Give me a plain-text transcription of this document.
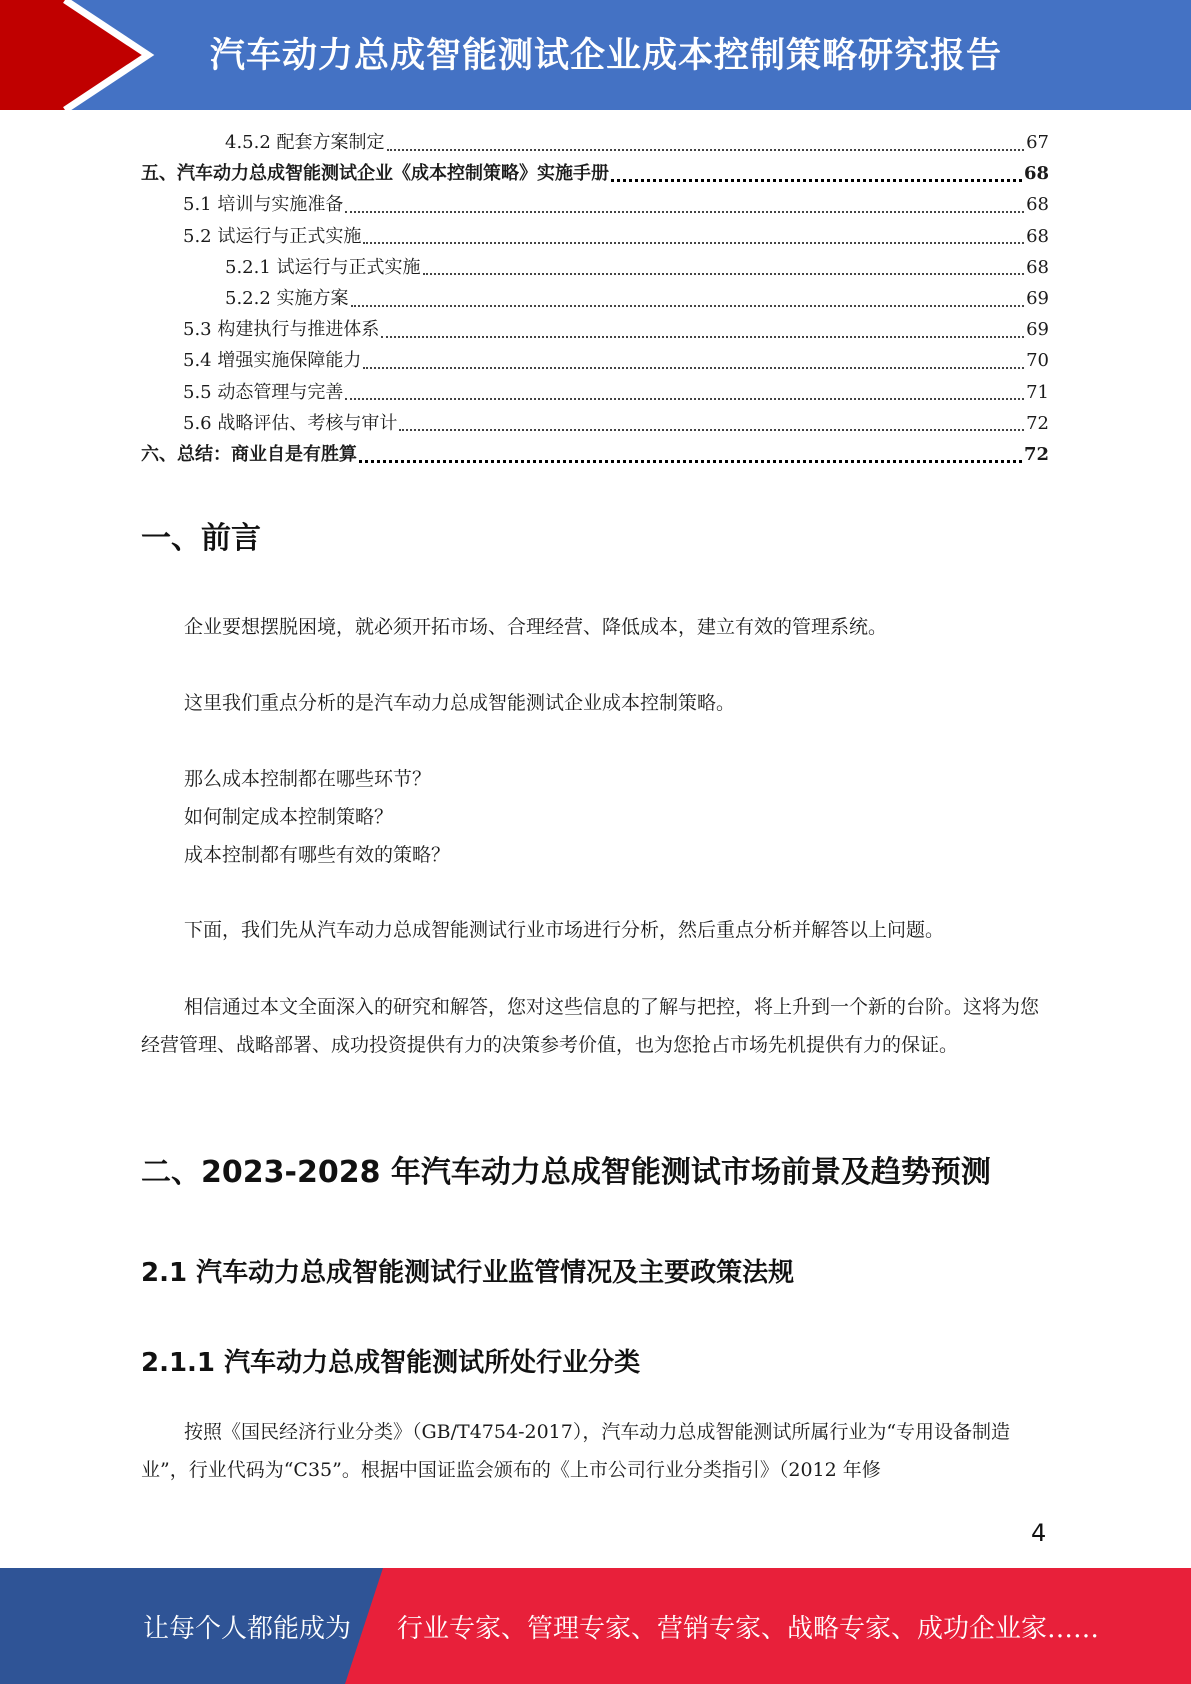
汽车动力总成智能测试企业成本控制策略研究报告
4.5.2 配套方案制定	67
五、汽车动力总成智能测试企业《成本控制策略》实施手册	68
5.1 培训与实施准备	68
5.2 试运行与正式实施	68
5.2.1 试运行与正式实施	68
5.2.2 实施方案	69
5.3 构建执行与推进体系	69
5.4 增强实施保障能力	70
5.5 动态管理与完善	71
5.6 战略评估、考核与审计	72
六、总结：商业自是有胜算	72
一、前言

企业要想摆脱困境，就必须开拓市场、合理经营、降低成本，建立有效的管理系统。

这里我们重点分析的是汽车动力总成智能测试企业成本控制策略。

那么成本控制都在哪些环节？

如何制定成本控制策略？

成本控制都有哪些有效的策略？

下面，我们先从汽车动力总成智能测试行业市场进行分析，然后重点分析并解答以上问题。

相信通过本文全面深入的研究和解答，您对这些信息的了解与把控，将上升到一个新的台阶。这将为您经营管理、战略部署、成功投资提供有力的决策参考价值，也为您抢占市场先机提供有力的保证。

二、2023-2028 年汽车动力总成智能测试市场前景及趋势预测
2.1 汽车动力总成智能测试行业监管情况及主要政策法规
2.1.1 汽车动力总成智能测试所处行业分类

按照《国民经济行业分类》（GB/T4754-2017），汽车动力总成智能测试所属行业为“专用设备制造业”，行业代码为“C35”。根据中国证监会颁布的《上市公司行业分类指引》（2012 年修

4
让每个人都能成为 行业专家、管理专家、营销专家、战略专家、成功企业家……
